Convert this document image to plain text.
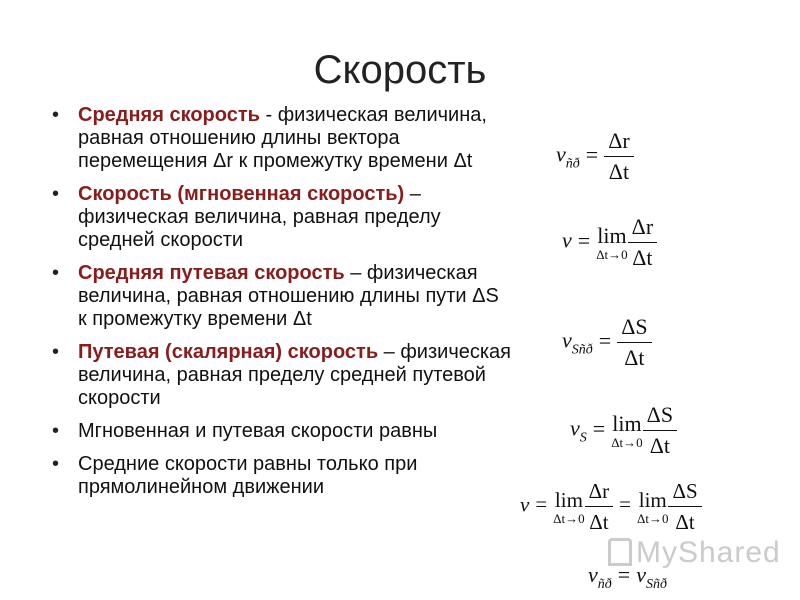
Скорость
• Средняя скорость - физическая величина, равная отношению длины вектора перемещения Δr к промежутку времени Δt
• Скорость (мгновенная скорость) – физическая величина, равная пределу средней скорости
• Средняя путевая скорость – физическая величина, равная отношению длины пути ΔS к промежутку времени Δt
• Путевая (скалярная) скорость – физическая величина, равная пределу средней путевой скорости
• Мгновенная и путевая скорости равны
• Средние скорости равны только при прямолинейном движении
$v_{ñð} = \frac{\Delta r}{\Delta t}$
v = lim
$\Delta t\to 0 \frac{\Delta r}{\Delta t}$
$v_{Sñð} = \frac{\Delta S}{\Delta t}$
$v_S = \lim$
$\Delta t\to 0 \frac{\Delta S}{\Delta t}$
v = lim
$\Delta t\to 0 \frac{\Delta r}{\Delta t} = \lim$
$\Delta t\to 0 \frac{\Delta S}{\Delta t}$
MyShared
$v_{ñð} = v_{Sñð}$
